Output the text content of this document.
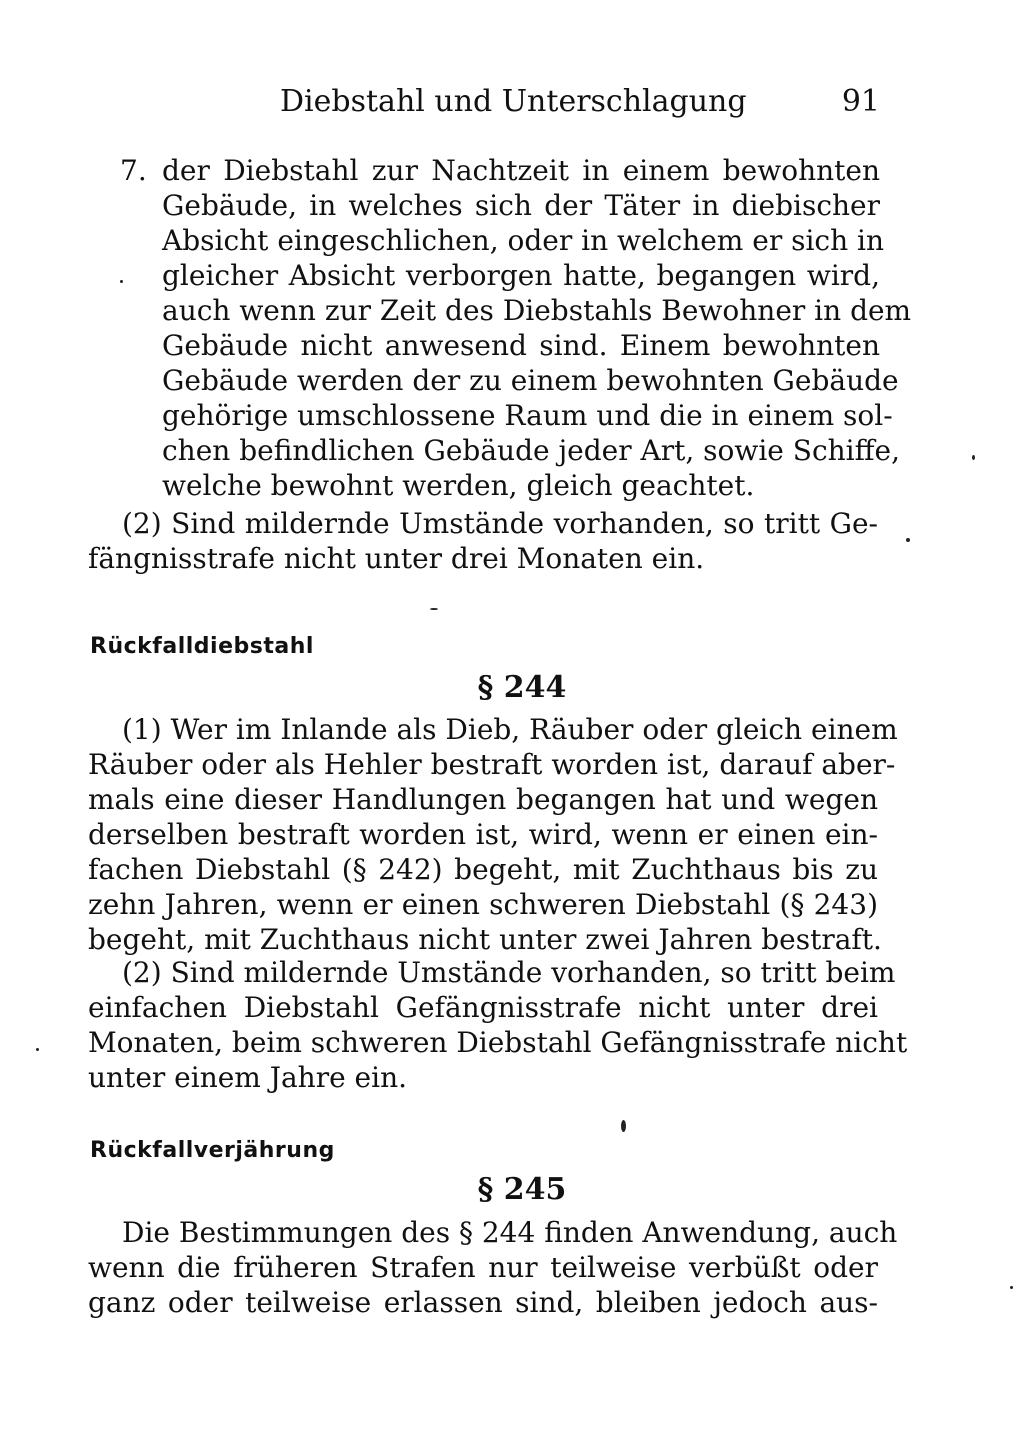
Diebstahl und Unterschlagung	91
7. der Diebstahl zur Nachtzeit in einem bewohnten
Gebäude, in welches sich der Täter in diebischer
Absicht eingeschlichen, oder in welchem er sich in
gleicher Absicht verborgen hatte, begangen wird,
auch wenn zur Zeit des Diebstahls Bewohner in dem
Gebäude nicht anwesend sind. Einem bewohnten
Gebäude werden der zu einem bewohnten Gebäude
gehörige umschlossene Raum und die in einem sol-
chen befindlichen Gebäude jeder Art, sowie Schiffe,
welche bewohnt werden, gleich geachtet.
(2) Sind mildernde Umstände vorhanden, so tritt Ge-
fängnisstrafe nicht unter drei Monaten ein.
Rückfalldiebstahl
§ 244
(1) Wer im Inlande als Dieb, Räuber oder gleich einem
Räuber oder als Hehler bestraft worden ist, darauf aber-
mals eine dieser Handlungen begangen hat und wegen
derselben bestraft worden ist, wird, wenn er einen ein-
fachen Diebstahl (§ 242) begeht, mit Zuchthaus bis zu
zehn Jahren, wenn er einen schweren Diebstahl (§ 243)
begeht, mit Zuchthaus nicht unter zwei Jahren bestraft.
(2) Sind mildernde Umstände vorhanden, so tritt beim
einfachen Diebstahl Gefängnisstrafe nicht unter drei
Monaten, beim schweren Diebstahl Gefängnisstrafe nicht
unter einem Jahre ein.
Rückfallverjährung
§ 245
Die Bestimmungen des § 244 finden Anwendung, auch
wenn die früheren Strafen nur teilweise verbüßt oder
ganz oder teilweise erlassen sind, bleiben jedoch aus-
